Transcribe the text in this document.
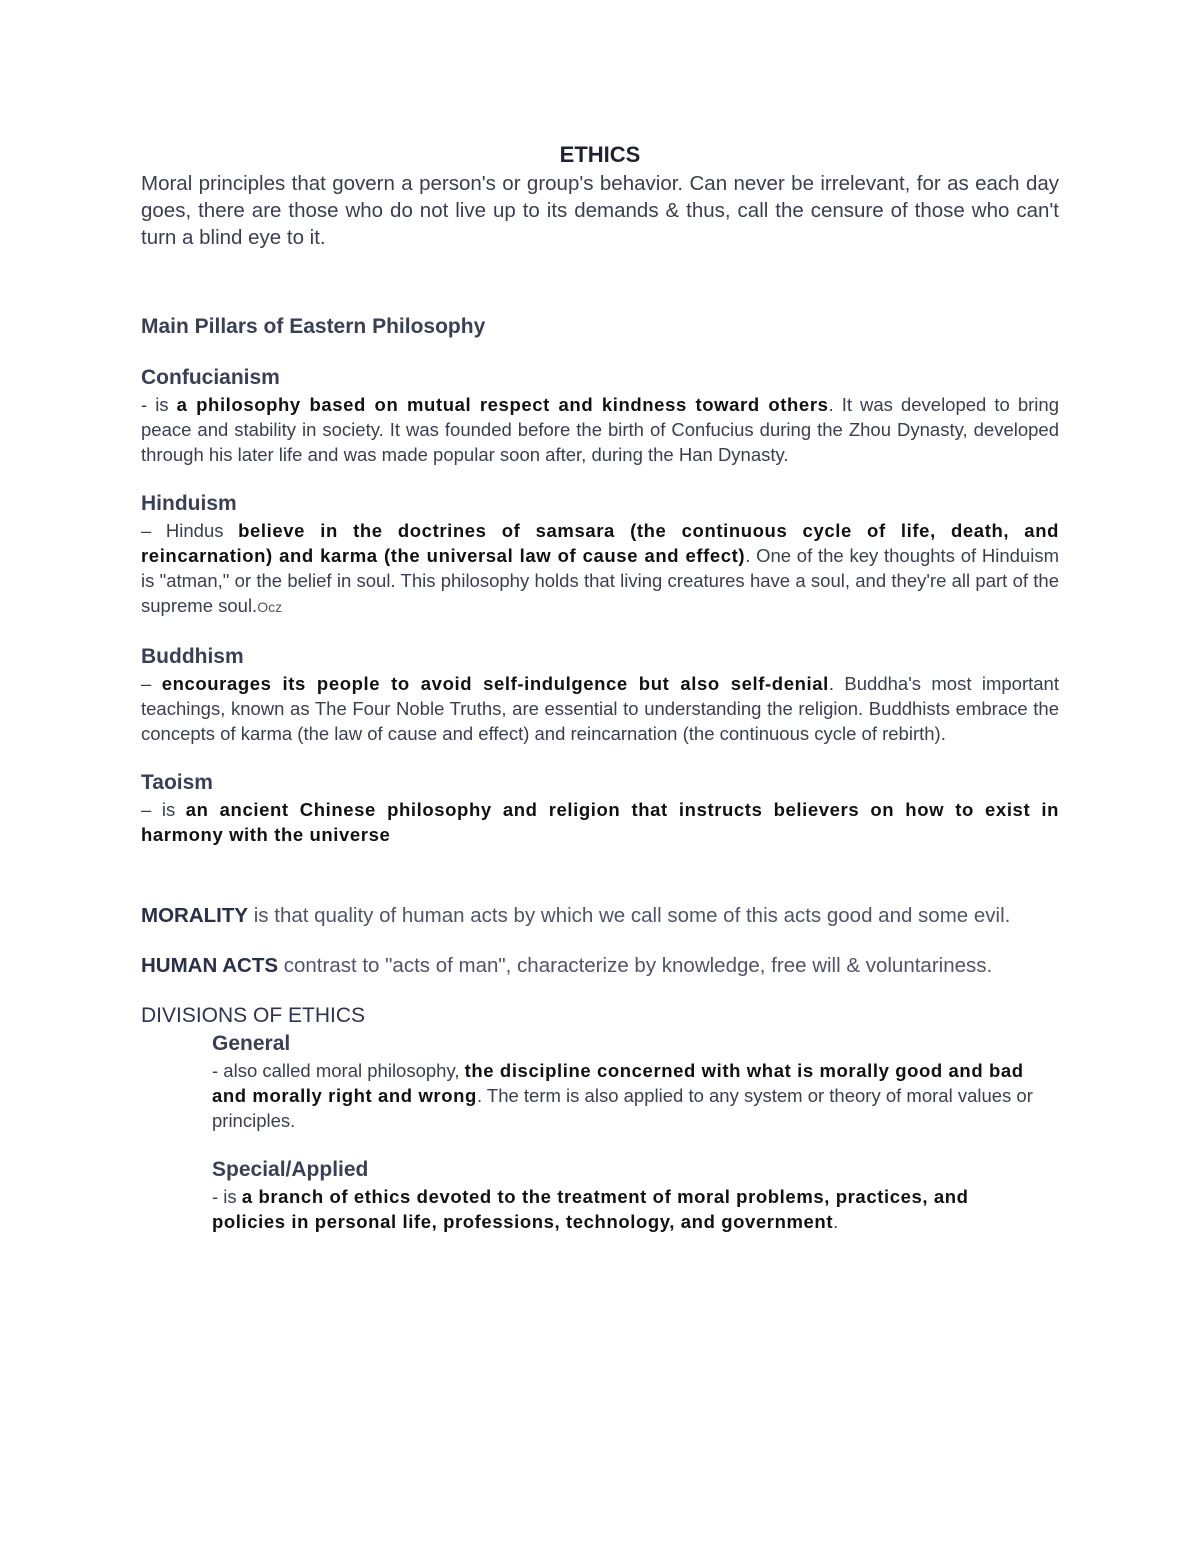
ETHICS

Moral principles that govern a person's or group's behavior. Can never be irrelevant, for as each day goes, there are those who do not live up to its demands & thus, call the censure of those who can't turn a blind eye to it.

Main Pillars of Eastern Philosophy
Confucianism

- is a philosophy based on mutual respect and kindness toward others. It was developed to bring peace and stability in society. It was founded before the birth of Confucius during the Zhou Dynasty, developed through his later life and was made popular soon after, during the Han Dynasty.

Hinduism

– Hindus believe in the doctrines of samsara (the continuous cycle of life, death, and reincarnation) and karma (the universal law of cause and effect). One of the key thoughts of Hinduism is "atman," or the belief in soul. This philosophy holds that living creatures have a soul, and they're all part of the supreme soul.Ocz

Buddhism

– encourages its people to avoid self-indulgence but also self-denial. Buddha's most important teachings, known as The Four Noble Truths, are essential to understanding the religion. Buddhists embrace the concepts of karma (the law of cause and effect) and reincarnation (the continuous cycle of rebirth).

Taoism

– is an ancient Chinese philosophy and religion that instructs believers on how to exist in harmony with the universe

MORALITY is that quality of human acts by which we call some of this acts good and some evil.

HUMAN ACTS contrast to "acts of man", characterize by knowledge, free will & voluntariness.

DIVISIONS OF ETHICS
General

- also called moral philosophy, the discipline concerned with what is morally good and bad and morally right and wrong. The term is also applied to any system or theory of moral values or principles.

Special/Applied

- is a branch of ethics devoted to the treatment of moral problems, practices, and policies in personal life, professions, technology, and government.
